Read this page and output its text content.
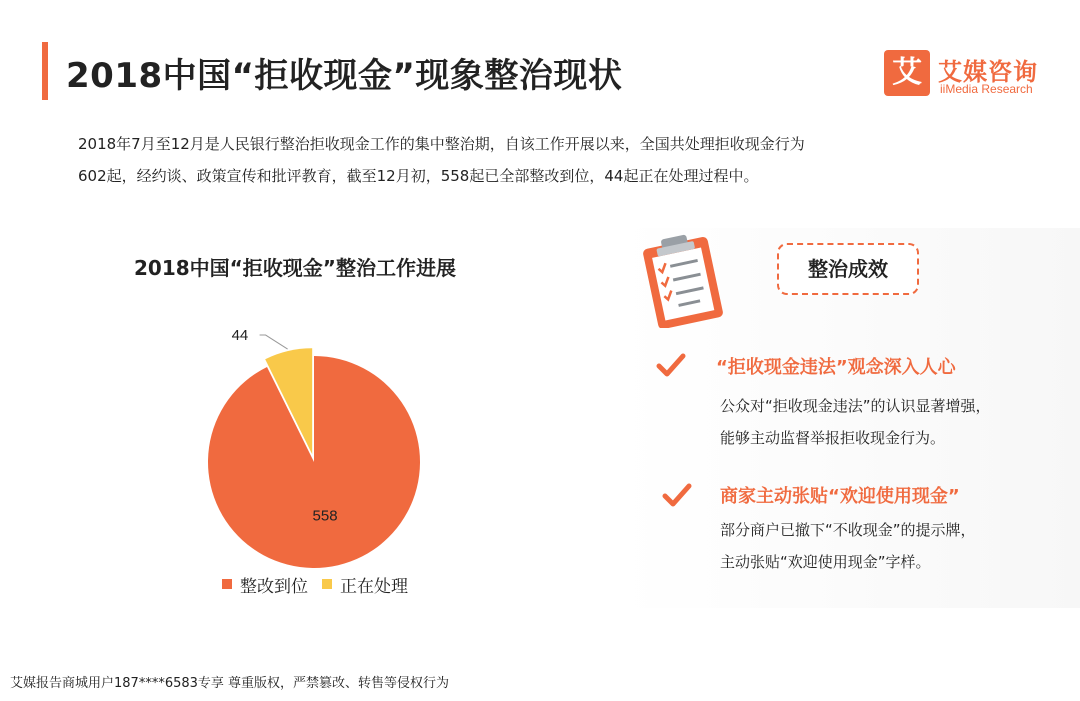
2018中国“拒收现金”现象整治现状	艾 艾媒咨询
iiMedia Research
2018年7月至12月是人民银行整治拒收现金工作的集中整治期，自该工作开展以来，全国共处理拒收现金行为
602起，经约谈、政策宣传和批评教育，截至12月初，558起已全部整改到位，44起正在处理过程中。
2018中国“拒收现金”整治工作进展
558
44
整改到位 正在处理
整治成效
“拒收现金违法”观念深入人心
公众对“拒收现金违法”的认识显著增强，
能够主动监督举报拒收现金行为。
商家主动张贴“欢迎使用现金”
部分商户已撤下“不收现金”的提示牌，
主动张贴“欢迎使用现金”字样。
艾媒报告商城用户187****6583专享 尊重版权，严禁篡改、转售等侵权行为
